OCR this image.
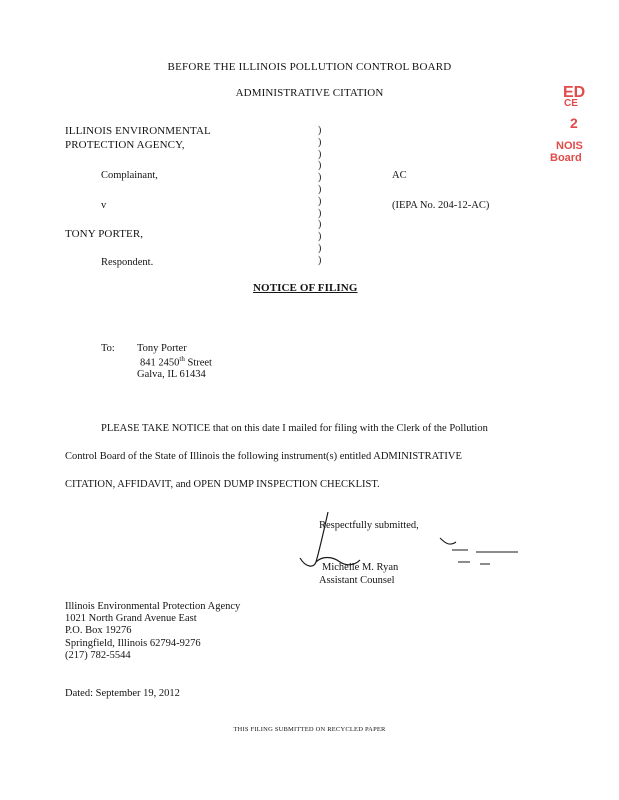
BEFORE THE ILLINOIS POLLUTION CONTROL BOARD
ADMINISTRATIVE CITATION	ED
CE
2
NOIS
Board
ILLINOIS ENVIRONMENTAL
PROTECTION AGENCY,
Complainant,
v
TONY PORTER,
Respondent.
)
)
)
)
)
)
)
)
)
)
)
)
AC
(IEPA No. 204-12-AC)
NOTICE OF FILING
To: Tony Porter
841 2450th Street
Galva, IL 61434
PLEASE TAKE NOTICE that on this date I mailed for filing with the Clerk of the Pollution
Control Board of the State of Illinois the following instrument(s) entitled ADMINISTRATIVE
CITATION, AFFIDAVIT, and OPEN DUMP INSPECTION CHECKLIST.
Respectfully submitted,
Michelle M. Ryan
Assistant Counsel
Illinois Environmental Protection Agency
1021 North Grand Avenue East
P.O. Box 19276
Springfield, Illinois 62794-9276
(217) 782-5544
Dated: September 19, 2012
THIS FILING SUBMITTED ON RECYCLED PAPER
